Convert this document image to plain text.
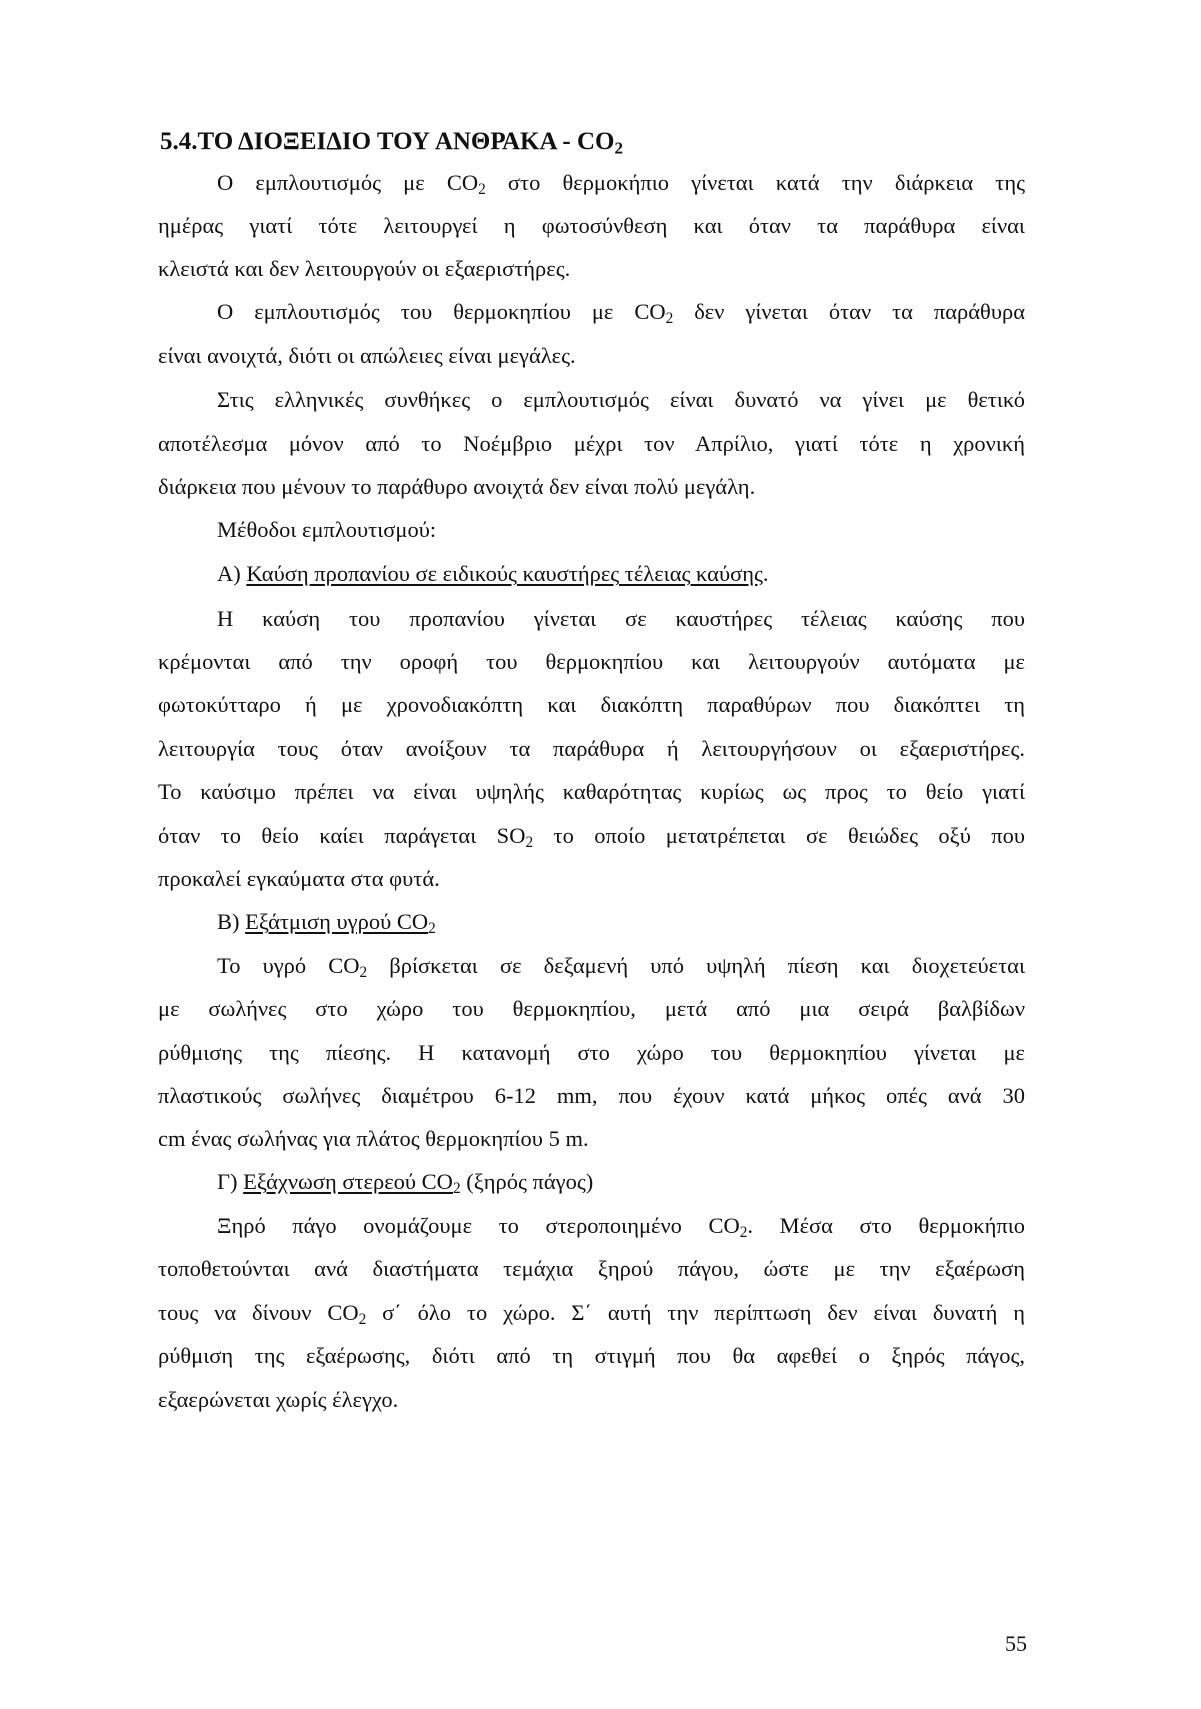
5.4.ΤΟ ΔΙΟΞΕΙΔΙΟ ΤΟΥ ΑΝΘΡΑΚΑ - $CO_2$
Ο εμπλουτισμός με $CO_2$ στο θερμοκήπιο γίνεται κατά την διάρκεια της
ημέρας γιατί τότε λειτουργεί η φωτοσύνθεση και όταν τα παράθυρα είναι
κλειστά και δεν λειτουργούν οι εξαεριστήρες.
Ο εμπλουτισμός του θερμοκηπίου με $CO_2$ δεν γίνεται όταν τα παράθυρα
είναι ανοιχτά, διότι οι απώλειες είναι μεγάλες.
Στις ελληνικές συνθήκες ο εμπλουτισμός είναι δυνατό να γίνει με θετικό
αποτέλεσμα μόνον από το Νοέμβριο μέχρι τον Απρίλιο, γιατί τότε η χρονική
διάρκεια που μένουν το παράθυρο ανοιχτά δεν είναι πολύ μεγάλη.
Μέθοδοι εμπλουτισμού:
Α) Καύση προπανίου σε ειδικούς καυστήρες τέλειας καύσης.
Η καύση του προπανίου γίνεται σε καυστήρες τέλειας καύσης που
κρέμονται από την οροφή του θερμοκηπίου και λειτουργούν αυτόματα με
φωτοκύτταρο ή με χρονοδιακόπτη και διακόπτη παραθύρων που διακόπτει τη
λειτουργία τους όταν ανοίξουν τα παράθυρα ή λειτουργήσουν οι εξαεριστήρες.
Το καύσιμο πρέπει να είναι υψηλής καθαρότητας κυρίως ως προς το θείο γιατί
όταν το θείο καίει παράγεται $SO_2$ το οποίο μετατρέπεται σε θειώδες οξύ που
προκαλεί εγκαύματα στα φυτά.
Β) Εξάτμιση υγρού $CO_2$
Το υγρό $CO_2$ βρίσκεται σε δεξαμενή υπό υψηλή πίεση και διοχετεύεται
με σωλήνες στο χώρο του θερμοκηπίου, μετά από μια σειρά βαλβίδων
ρύθμισης της πίεσης. Η κατανομή στο χώρο του θερμοκηπίου γίνεται με
πλαστικούς σωλήνες διαμέτρου 6-12 mm, που έχουν κατά μήκος οπές ανά 30
cm ένας σωλήνας για πλάτος θερμοκηπίου 5 m.
Γ) Εξάχνωση στερεού $CO_2$ (ξηρός πάγος)
Ξηρό πάγο ονομάζουμε το στεροποιημένο $CO_2$. Μέσα στο θερμοκήπιο
τοποθετούνται ανά διαστήματα τεμάχια ξηρού πάγου, ώστε με την εξαέρωση
τους να δίνουν $CO_2$ σ΄ όλο το χώρο. Σ΄ αυτή την περίπτωση δεν είναι δυνατή η
ρύθμιση της εξαέρωσης, διότι από τη στιγμή που θα αφεθεί ο ξηρός πάγος,
εξαερώνεται χωρίς έλεγχο.
55
